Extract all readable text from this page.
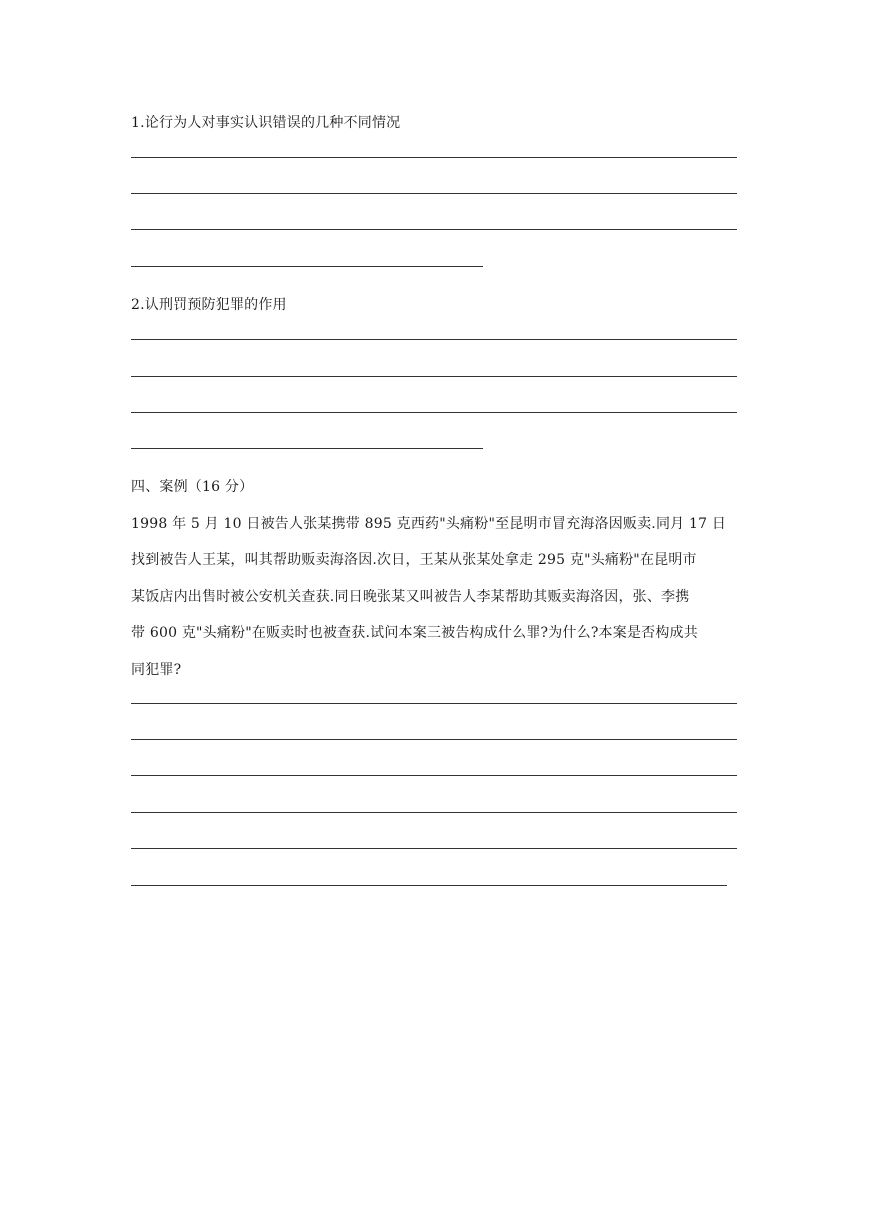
1.论行为人对事实认识错误的几种不同情况

2.认刑罚预防犯罪的作用

四、案例（16 分）

1998 年 5 月 10 日被告人张某携带 895 克西药"头痛粉"至昆明市冒充海洛因贩卖.同月 17 日

找到被告人王某，叫其帮助贩卖海洛因.次日，王某从张某处拿走 295 克"头痛粉"在昆明市

某饭店内出售时被公安机关查获.同日晚张某又叫被告人李某帮助其贩卖海洛因，张、李携

带 600 克"头痛粉"在贩卖时也被查获.试问本案三被告构成什么罪?为什么?本案是否构成共

同犯罪?
